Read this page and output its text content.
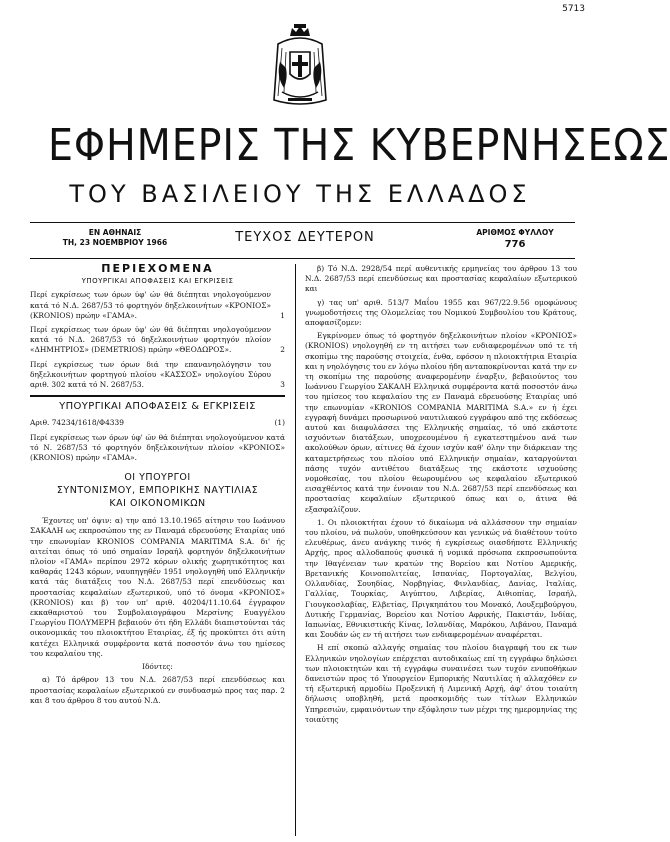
5713
ΕΦΗΜΕΡΙΣ ΤΗΣ ΚΥΒΕΡΝΗΣΕΩΣ
ΤΟΥ ΒΑΣΙΛΕΙΟΥ ΤΗΣ ΕΛΛΑΔΟΣ
ΕΝ ΑΘΗΝΑΙΣ
ΤΗ, 23 ΝΟΕΜΒΡΙΟΥ 1966	ΤΕΥΧΟΣ ΔΕΥΤΕΡΟΝ	ΑΡΙΘΜΟΣ ΦΥΛΛΟΥ
776
ΠΕΡΙΕΧΟΜΕΝΑ
ΥΠΟΥΡΓΙΚΑΙ ΑΠΟΦΑΣΕΙΣ ΚΑΙ ΕΓΚΡΙΣΕΙΣ
Περί εγκρίσεως των όρων ύφ' ών θά διέπηται νηολογούμενον κατά τό Ν.Δ. 2687/53 τό φορτηγόν δηξελκοινήτων «ΚΡΟΝΙΟΣ» (KRONIOS) πρώην «ΓΑΜΑ».	1
Περί εγκρίσεως των όρων ύφ' ών θά διέπηται νηολογούμενον κατά τό Ν.Δ. 2687/53 τό δηξελκοινήτων φορτηγόν πλοίον «ΔΗΜΗΤΡΙΟΣ» (DEMETRIOS) πρώην «ΘΕΟΔΩΡΟΣ».	2
Περί εγκρίσεως των όρων διά την επανανηολόγησιν του δηξελκοινήτων φορτηγού πλοίου «ΚΑΣΣΟΣ» νηολογίου Σύρου αριθ. 302 κατά τό Ν. 2687/53.	3
ΥΠΟΥΡΓΙΚΑΙ ΑΠΟΦΑΣΕΙΣ & ΕΓΚΡΙΣΕΙΣ
Αριθ. 74234/1618/Φ4339	(1)

Περί εγκρίσεως των όρων ύφ' ών θά διέπηται νηολογούμενον κατά τό Ν. 2687/53 τό φορτηγόν δηξελκοινήτων πλοίον «ΚΡΟΝΙΟΣ» (KRONIOS) πρώην «ΓΑΜΑ».

ΟΙ ΥΠΟΥΡΓΟΙ
ΣΥΝΤΟΝΙΣΜΟΥ, ΕΜΠΟΡΙΚΗΣ ΝΑΥΤΙΛΙΑΣ
ΚΑΙ ΟΙΚΟΝΟΜΙΚΩΝ

Έχοντες υπ' όψιν: α) την από 13.10.1965 αίτησιν του Ιωάννου ΣΑΚΑΛΗ ως εκπροσώπου της εν Παναμά εδρευούσης Εταιρίας υπό την επωνυμίαν KRONIOS COMPANIA MARITIMA S.A. δι' ής αιτείται όπως τό υπό σημαίαν Ισραήλ φορτηγόν δηξελκοινήτων πλοίον «ΓΑΜΑ» περίπου 2972 κόρων ολικής χωρητικότητος και καθαράς 1243 κόρων, ναυπηγηθέν 1951 νηολογηθή υπό Ελληνικήν κατά τάς διατάξεις του Ν.Δ. 2687/53 περί επενδύσεως και προστασίας κεφαλαίων εξωτερικού, υπό τό όνομα «ΚΡΟΝΙΟΣ» (KRONIOS) και β) τον υπ' αριθ. 40204/11.10.64 έγγραφον εκκαθαριστού του Συμβολαιογράφου Μερσίνης Ευαγγέλου Γεωργίου ΠΟΛΥΜΕΡΗ βεβαιούν ότι ήδη Ελλάδι διαπιστούνται τάς οικονομικάς του πλοιοκτήτου Εταιρίας, έξ ής προκύπτει ότι αύτη κατέχει Ελληνικά συμφέροντα κατά ποσοστόν άνω του ημίσεος του κεφαλαίου της.

Ιδόντες:

α) Τό άρθρον 13 του Ν.Δ. 2687/53 περί επενδύσεως και προστασίας κεφαλαίων εξωτερικού εν συνδυασμώ προς τας παρ. 2 και 8 του άρθρου 8 του αυτού Ν.Δ.

β) Τό Ν.Δ. 2928/54 περί αυθεντικής ερμηνείας του άρθρου 13 του Ν.Δ. 2687/53 περί επενδύσεως και προστασίας κεφαλαίων εξωτερικού και

γ) τας υπ' αριθ. 513/7 Μαΐου 1955 και 967/22.9.56 ομοφώνους γνωμοδοτήσεις της Ολομελείας του Νομικού Συμβουλίου του Κράτους, αποφασίζομεν:

Εγκρίνομεν όπως τό φορτηγόν δηξελκοινήτων πλοίον «ΚΡΟΝΙΟΣ» (KRONIOS) νηολογηθή εν τη αιτήσει των ενδιαφερομένων υπό τε τή σκοπίμω της παρούσης στοιχεία, ένθα, εφόσον η πλοιοκτήτρια Εταιρία και η νηολόγησις του εν λόγω πλοίου ήδη ανταποκρίνονται κατά την εν τη σκοπίμω της παρούσης αναφερομένην έναρξιν, βεβαιούντος του Ιωάννου Γεωργίου ΣΑΚΑΛΗ Ελληνικά συμφέροντα κατά ποσοστόν άνω του ημίσεος του κεφαλαίου της εν Παναμά εδρευούσης Εταιρίας υπό την επωνυμίαν «KRONIOS COMPANIA MARITIMA S.A.» εν ή έχει εγγραφή δυνάμει προσωρινού ναυτιλιακού εγγράφου από της εκδόσεως αυτού και διαφυλάσσει της Ελληνικής σημαίας, τό υπό εκάστοτε ισχυόντων διατάξεων, υποχρεουμένου ή εγκατεστημένου ανά των ακολούθων όρων, αίτινες θά έχουν ισχύν καθ' όλην την διάρκειαν της καταμετρήσεως του πλοίου υπό Ελληνικήν σημαίαν, καταργούνται πάσης τυχόν αντιθέτου διατάξεως της εκάστοτε ισχυούσης νομοθεσίας, του πλοίου θεωρουμένου ως κεφαλαίου εξωτερικού εισαχθέντος κατά την έννοιαν του Ν.Δ. 2687/53 περί επενδύσεως και προστασίας κεφαλαίων εξωτερικού όπως και ο, άτινα θά εξασφαλίζουν.

1. Οι πλοιοκτήται έχουν τό δικαίωμα νά αλλάσσουν την σημαίαν του πλοίου, νά πωλούν, υποθηκεύσουν και γενικώς νά διαθέτουν τούτο ελευθέρως, άνευ ανάγκης τινός ή εγκρίσεως οιασδήποτε Ελληνικής Αρχής, προς αλλοδαπούς φυσικά ή νομικά πρόσωπα εκπροσωπούντα την Ιθαγένειαν των κρατών της Βορείου και Νοτίου Αμερικής, Βρετανικής Κοινοπολιτείας, Ισπανίας, Πορτογαλίας, Βελγίου, Ολλανδίας, Σουηδίας, Νορβηγίας, Φινλανδίας, Δανίας, Ιταλίας, Γαλλίας, Τουρκίας, Αιγύπτου, Λιβερίας, Αιθιοπίας, Ισραήλ, Γιουγκοσλαβίας, Ελβετίας, Πριγκηπάτου του Μονακό, Λουξεμβούργου, Δυτικής Γερμανίας, Βορείου και Νοτίου Αφρικής, Πακιστάν, Ινδίας, Ιαπωνίας, Εθνικιστικής Κίνας, Ισλανδίας, Μαρόκου, Λιβάνου, Παναμά και Σουδάν ώς εν τή αιτήσει των ενδιαφερομένων αναφέρεται.

Η επί σκοπώ αλλαγής σημαίας του πλοίου διαγραφή του εκ των Ελληνικών νηολογίων επέρχεται αυτοδικαίως επί τη εγγράφω δηλώσει των πλοιοκτητών και τή εγγράφω συναινέσει των τυχόν ενυποθήκων δανειστών προς τό Υπουργείον Εμπορικής Ναυτιλίας ή αλλαχόθεν εν τή εξωτερική αρμοδίω Προξενική ή Λιμενική Αρχή, άφ' ότου τοιαύτη δήλωσις υποβληθή, μετά προσκομιδής των τίτλων Ελληνικών Υπηρεσιών, εμφαινόντων την εξόφλησιν των μέχρι της ημερομηνίας της τοιαύτης
